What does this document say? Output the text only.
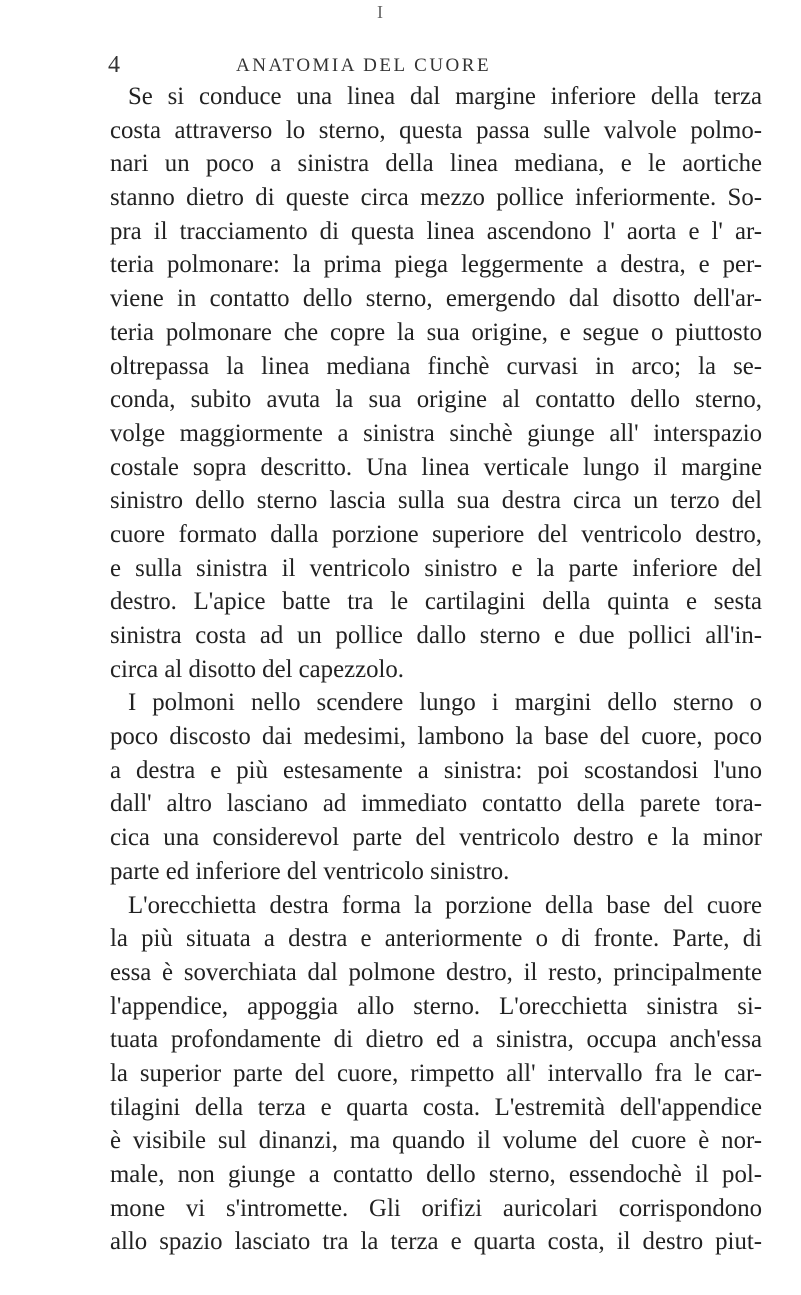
I
4	ANATOMIA DEL CUORE
Se si conduce una linea dal margine inferiore della terza
costa attraverso lo sterno, questa passa sulle valvole polmo-
nari un poco a sinistra della linea mediana, e le aortiche
stanno dietro di queste circa mezzo pollice inferiormente. So-
pra il tracciamento di questa linea ascendono l' aorta e l' ar-
teria polmonare: la prima piega leggermente a destra, e per-
viene in contatto dello sterno, emergendo dal disotto dell'ar-
teria polmonare che copre la sua origine, e segue o piuttosto
oltrepassa la linea mediana finchè curvasi in arco; la se-
conda, subito avuta la sua origine al contatto dello sterno,
volge maggiormente a sinistra sinchè giunge all' interspazio
costale sopra descritto. Una linea verticale lungo il margine
sinistro dello sterno lascia sulla sua destra circa un terzo del
cuore formato dalla porzione superiore del ventricolo destro,
e sulla sinistra il ventricolo sinistro e la parte inferiore del
destro. L'apice batte tra le cartilagini della quinta e sesta
sinistra costa ad un pollice dallo sterno e due pollici all'in-
circa al disotto del capezzolo.
I polmoni nello scendere lungo i margini dello sterno o
poco discosto dai medesimi, lambono la base del cuore, poco
a destra e più estesamente a sinistra: poi scostandosi l'uno
dall' altro lasciano ad immediato contatto della parete tora-
cica una considerevol parte del ventricolo destro e la minor
parte ed inferiore del ventricolo sinistro.
L'orecchietta destra forma la porzione della base del cuore
la più situata a destra e anteriormente o di fronte. Parte, di
essa è soverchiata dal polmone destro, il resto, principalmente
l'appendice, appoggia allo sterno. L'orecchietta sinistra si-
tuata profondamente di dietro ed a sinistra, occupa anch'essa
la superior parte del cuore, rimpetto all' intervallo fra le car-
tilagini della terza e quarta costa. L'estremità dell'appendice
è visibile sul dinanzi, ma quando il volume del cuore è nor-
male, non giunge a contatto dello sterno, essendochè il pol-
mone vi s'intromette. Gli orifizi auricolari corrispondono
allo spazio lasciato tra la terza e quarta costa, il destro piut-
